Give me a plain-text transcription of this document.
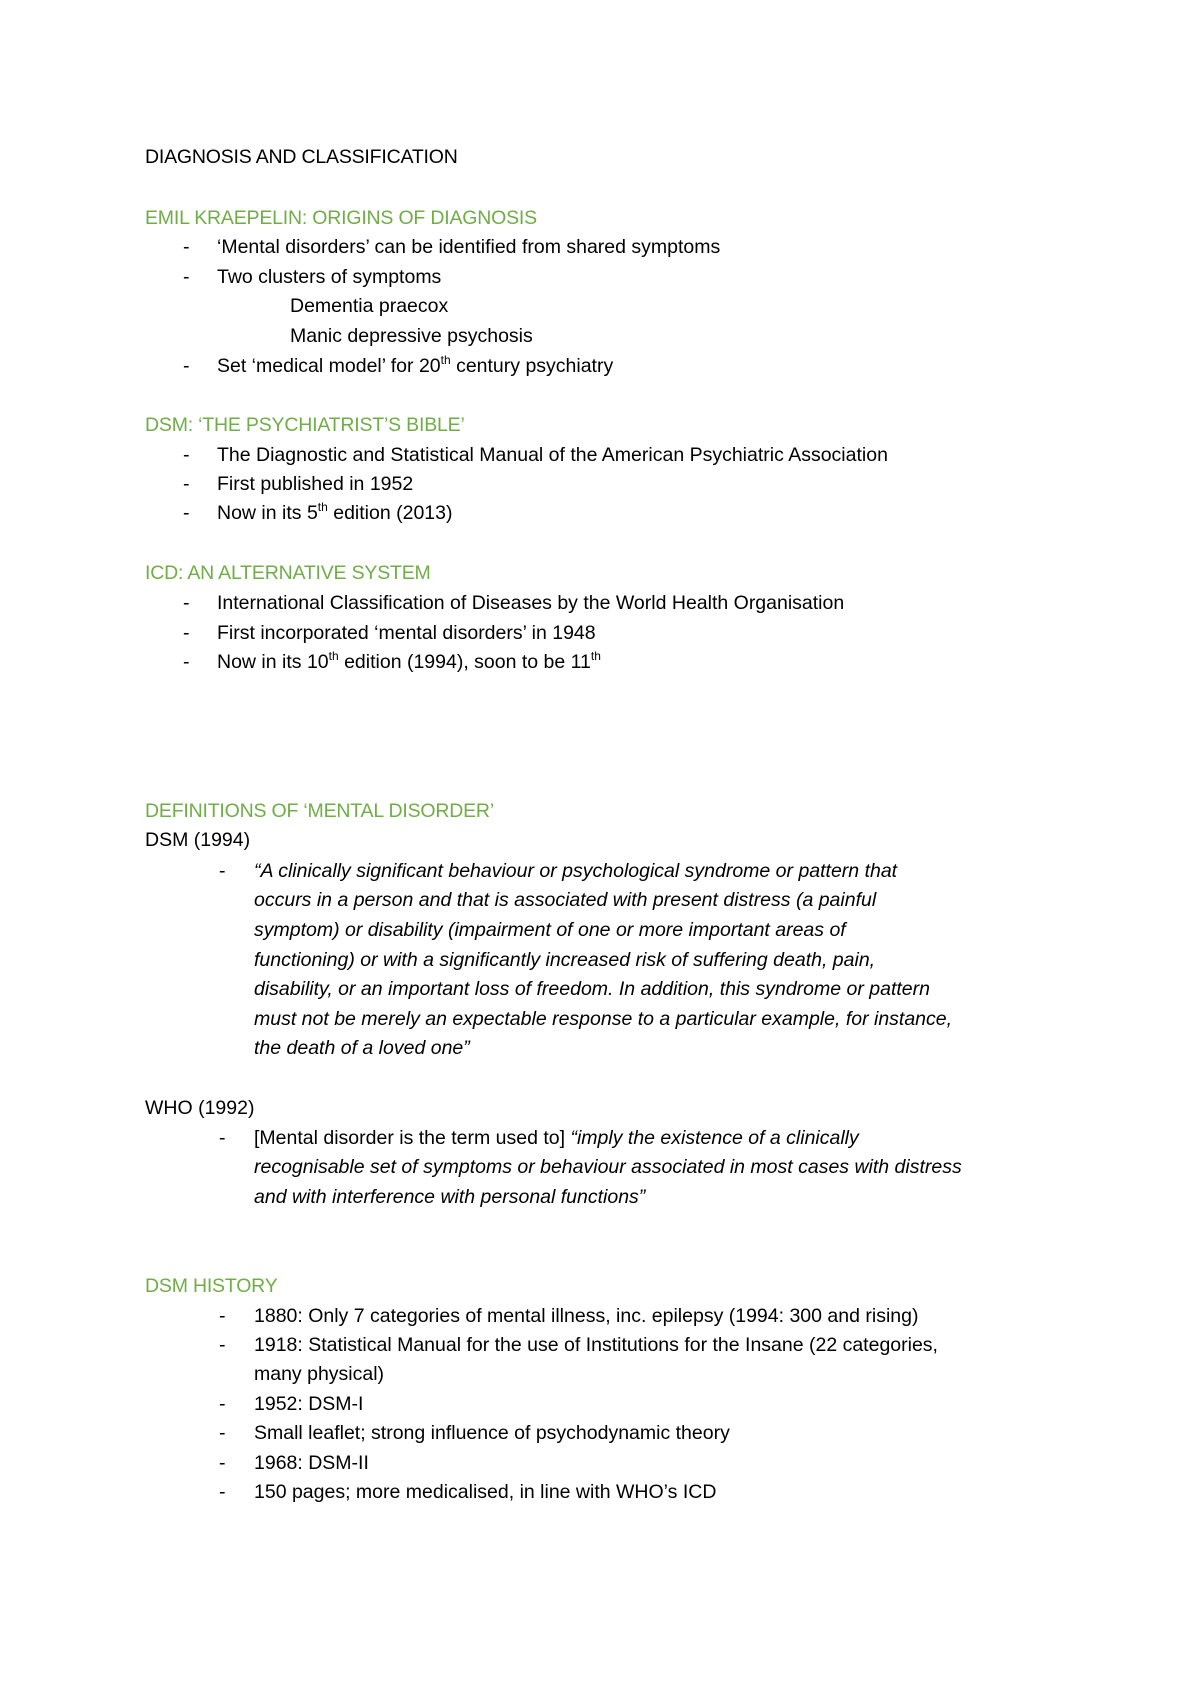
DIAGNOSIS AND CLASSIFICATION
EMIL KRAEPELIN: ORIGINS OF DIAGNOSIS
- ‘Mental disorders’ can be identified from shared symptoms
- Two clusters of symptoms
Dementia praecox
Manic depressive psychosis
- Set ‘medical model’ for 20th century psychiatry
DSM: ‘THE PSYCHIATRIST’S BIBLE’
- The Diagnostic and Statistical Manual of the American Psychiatric Association
- First published in 1952
- Now in its 5th edition (2013)
ICD: AN ALTERNATIVE SYSTEM
- International Classification of Diseases by the World Health Organisation
- First incorporated ‘mental disorders’ in 1948
- Now in its 10th edition (1994), soon to be 11th
DEFINITIONS OF ‘MENTAL DISORDER’
DSM (1994)
- “A clinically significant behaviour or psychological syndrome or pattern that
occurs in a person and that is associated with present distress (a painful
symptom) or disability (impairment of one or more important areas of
functioning) or with a significantly increased risk of suffering death, pain,
disability, or an important loss of freedom. In addition, this syndrome or pattern
must not be merely an expectable response to a particular example, for instance,
the death of a loved one”
WHO (1992)
- [Mental disorder is the term used to] “imply the existence of a clinically
recognisable set of symptoms or behaviour associated in most cases with distress
and with interference with personal functions”
DSM HISTORY
- 1880: Only 7 categories of mental illness, inc. epilepsy (1994: 300 and rising)
- 1918: Statistical Manual for the use of Institutions for the Insane (22 categories,
many physical)
- 1952: DSM-I
- Small leaflet; strong influence of psychodynamic theory
- 1968: DSM-II
- 150 pages; more medicalised, in line with WHO’s ICD
